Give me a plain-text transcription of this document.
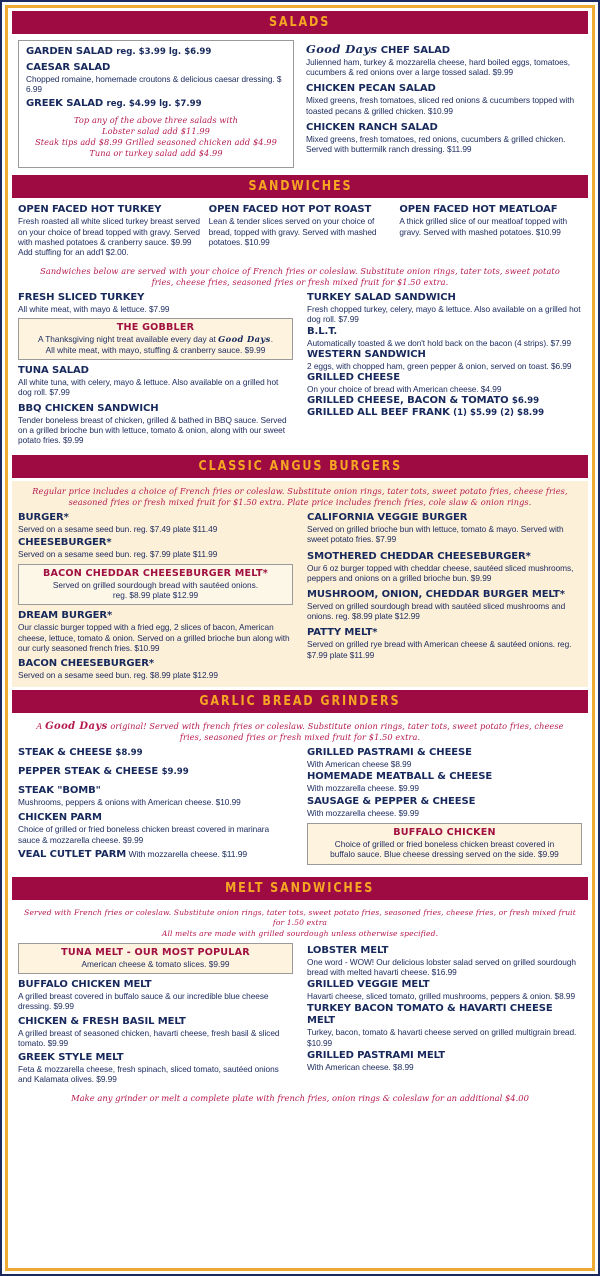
SALADS
GARDEN SALAD reg. $3.99 lg. $6.99
CAESAR SALAD
Chopped romaine, homemade croutons & delicious caesar dressing. $ 6.99
GREEK SALAD reg. $4.99 lg. $7.99
Top any of the above three salads with
Lobster salad add $11.99
Steak tips add $8.99 Grilled seasoned chicken add $4.99
Tuna or turkey salad add $4.99
Good Days CHEF SALAD
Julienned ham, turkey & mozzarella cheese, hard boiled eggs, tomatoes, cucumbers & red onions over a large tossed salad. $9.99
CHICKEN PECAN SALAD
Mixed greens, fresh tomatoes, sliced red onions & cucumbers topped with toasted pecans & grilled chicken. $10.99
CHICKEN RANCH SALAD
Mixed greens, fresh tomatoes, red onions, cucumbers & grilled chicken. Served with buttermilk ranch dressing. $11.99
SANDWICHES
OPEN FACED HOT TURKEY
Fresh roasted all white sliced turkey breast served on your choice of bread topped with gravy. Served with mashed potatoes & cranberry sauce. $9.99 Add stuffing for an add'l $2.00.
OPEN FACED HOT POT ROAST
Lean & tender slices served on your choice of bread, topped with gravy. Served with mashed potatoes. $10.99
OPEN FACED HOT MEATLOAF
A thick grilled slice of our meatloaf topped with gravy. Served with mashed potatoes. $10.99
Sandwiches below are served with your choice of French fries or coleslaw. Substitute onion rings, tater tots, sweet potato fries, cheese fries, seasoned fries or fresh mixed fruit for $1.50 extra.
FRESH SLICED TURKEY
All white meat, with mayo & lettuce. $7.99
THE GOBBLER
A Thanksgiving night treat available every day at Good Days.
All white meat, with mayo, stuffing & cranberry sauce. $9.99
TUNA SALAD
All white tuna, with celery, mayo & lettuce. Also available on a grilled hot dog roll. $7.99
BBQ CHICKEN SANDWICH
Tender boneless breast of chicken, grilled & bathed in BBQ sauce. Served on a grilled brioche bun with lettuce, tomato & onion, along with our sweet potato fries. $9.99
TURKEY SALAD SANDWICH
Fresh chopped turkey, celery, mayo & lettuce. Also available on a grilled hot dog roll. $7.99
B.L.T.
Automatically toasted & we don't hold back on the bacon (4 strips). $7.99
WESTERN SANDWICH
2 eggs, with chopped ham, green pepper & onion, served on toast. $6.99
GRILLED CHEESE
On your choice of bread with American cheese. $4.99
GRILLED CHEESE, BACON & TOMATO $6.99
GRILLED ALL BEEF FRANK (1) $5.99 (2) $8.99
CLASSIC ANGUS BURGERS
Regular price includes a choice of French fries or coleslaw. Substitute onion rings, tater tots, sweet potato fries, cheese fries, seasoned fries or fresh mixed fruit for $1.50 extra. Plate price includes french fries, cole slaw & onion rings.
BURGER*
Served on a sesame seed bun. reg. $7.49 plate $11.49
CHEESEBURGER*
Served on a sesame seed bun. reg. $7.99 plate $11.99
BACON CHEDDAR CHEESEBURGER MELT*
Served on grilled sourdough bread with sautéed onions.
reg. $8.99 plate $12.99
DREAM BURGER*
Our classic burger topped with a fried egg, 2 slices of bacon, American cheese, lettuce, tomato & onion. Served on a grilled brioche bun along with our curly seasoned french fries. $10.99
BACON CHEESEBURGER*
Served on a sesame seed bun. reg. $8.99 plate $12.99
CALIFORNIA VEGGIE BURGER
Served on grilled brioche bun with lettuce, tomato & mayo. Served with sweet potato fries. $7.99
SMOTHERED CHEDDAR CHEESEBURGER*
Our 6 oz burger topped with cheddar cheese, sautéed sliced mushrooms, peppers and onions on a grilled brioche bun. $9.99
MUSHROOM, ONION, CHEDDAR BURGER MELT*
Served on grilled sourdough bread with sautéed sliced mushrooms and onions. reg. $8.99 plate $12.99
PATTY MELT*
Served on grilled rye bread with American cheese & sautéed onions. reg. $7.99 plate $11.99
GARLIC BREAD GRINDERS
A Good Days original! Served with french fries or coleslaw. Substitute onion rings, tater tots, sweet potato fries, cheese fries, seasoned fries or fresh mixed fruit for $1.50 extra.
STEAK & CHEESE $8.99
PEPPER STEAK & CHEESE $9.99
STEAK "BOMB"
Mushrooms, peppers & onions with American cheese. $10.99
CHICKEN PARM
Choice of grilled or fried boneless chicken breast covered in marinara sauce & mozzarella cheese. $9.99
VEAL CUTLET PARM With mozzarella cheese. $11.99
GRILLED PASTRAMI & CHEESE
With American cheese $8.99
HOMEMADE MEATBALL & CHEESE
With mozzarella cheese. $9.99
SAUSAGE & PEPPER & CHEESE
With mozzarella cheese. $9.99
BUFFALO CHICKEN
Choice of grilled or fried boneless chicken breast covered in
buffalo sauce. Blue cheese dressing served on the side. $9.99
MELT SANDWICHES
Served with French fries or coleslaw. Substitute onion rings, tater tots, sweet potato fries, seasoned fries, cheese fries, or fresh mixed fruit for 1.50 extra
All melts are made with grilled sourdough unless otherwise specified.
TUNA MELT - OUR MOST POPULAR
American cheese & tomato slices. $9.99
BUFFALO CHICKEN MELT
A grilled breast covered in buffalo sauce & our incredible blue cheese dressing. $9.99
CHICKEN & FRESH BASIL MELT
A grilled breast of seasoned chicken, havarti cheese, fresh basil & sliced tomato. $9.99
GREEK STYLE MELT
Feta & mozzarella cheese, fresh spinach, sliced tomato, sautéed onions and Kalamata olives. $9.99
LOBSTER MELT
One word - WOW! Our delicious lobster salad served on grilled sourdough bread with melted havarti cheese. $16.99
GRILLED VEGGIE MELT
Havarti cheese, sliced tomato, grilled mushrooms, peppers & onion. $8.99
TURKEY BACON TOMATO & HAVARTI CHEESE MELT
Turkey, bacon, tomato & havarti cheese served on grilled multigrain bread. $10.99
GRILLED PASTRAMI MELT
With American cheese. $8.99
Make any grinder or melt a complete plate with french fries, onion rings & coleslaw for an additional $4.00
